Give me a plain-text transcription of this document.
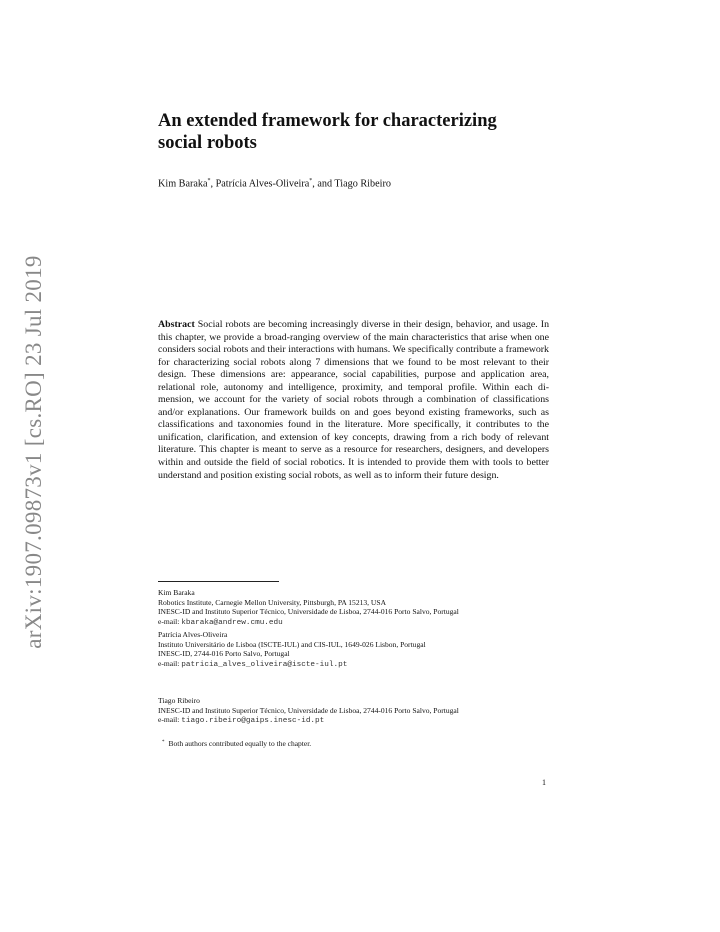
arXiv:1907.09873v1 [cs.RO] 23 Jul 2019
An extended framework for characterizing
social robots
Kim Baraka*, Patrícia Alves-Oliveira*, and Tiago Ribeiro

Abstract Social robots are becoming increasingly diverse in their design, behavior, and usage. In this chapter, we provide a broad-ranging overview of the main characteristics that arise when one considers social robots and their interactions with humans. We specifically contribute a framework for characterizing social robots along 7 dimensions that we found to be most relevant to their design. These dimensions are: appearance, social capabilities, purpose and application area, relational role, autonomy and intelligence, proximity, and temporal profile. Within each dimension, we account for the variety of social robots through a combination of classifications and/or explanations. Our framework builds on and goes beyond existing frameworks, such as classifications and taxonomies found in the literature. More specifically, it contributes to the unification, clarification, and extension of key concepts, drawing from a rich body of relevant literature. This chapter is meant to serve as a resource for researchers, designers, and developers within and outside the field of social robotics. It is intended to provide them with tools to better understand and position existing social robots, as well as to inform their future design.

Kim Baraka
Robotics Institute, Carnegie Mellon University, Pittsburgh, PA 15213, USA
INESC-ID and Instituto Superior Técnico, Universidade de Lisboa, 2744-016 Porto Salvo, Portugal
e-mail: kbaraka@andrew.cmu.edu
Patrícia Alves-Oliveira
Instituto Universitário de Lisboa (ISCTE-IUL) and CIS-IUL, 1649-026 Lisbon, Portugal
INESC-ID, 2744-016 Porto Salvo, Portugal
e-mail: patricia_alves_oliveira@iscte-iul.pt
Tiago Ribeiro
INESC-ID and Instituto Superior Técnico, Universidade de Lisboa, 2744-016 Porto Salvo, Portugal
e-mail: tiago.ribeiro@gaips.inesc-id.pt
* Both authors contributed equally to the chapter.
1
